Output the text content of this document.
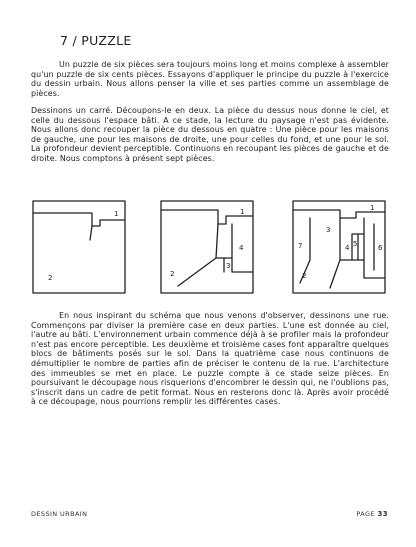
7 / PUZZLE

Un puzzle de six pièces sera toujours moins long et moins complexe à assembler qu'un puzzle de six cents pièces. Essayons d'appliquer le principe du puzzle à l'exercice du dessin urbain. Nous allons penser la ville et ses parties comme un assemblage de pièces.

Dessinons un carré. Découpons-le en deux. La pièce du dessus nous donne le ciel, et celle du dessous l'espace bâti. A ce stade, la lecture du paysage n'est pas évidente. Nous allons donc recouper la pièce du dessous en quatre : Une pièce pour les maisons de gauche, une pour les maisons de droite, une pour celles du fond, et une pour le sol. La profondeur devient perceptible. Continuons en recoupant les pièces de gauche et de droite. Nous comptons à présent sept pièces.

1
2
1
2
3
4
1
2
3
4 5	6
7

En nous inspirant du schéma que nous venons d'observer, dessinons une rue. Commençons par diviser la première case en deux parties. L'une est donnée au ciel, l'autre au bâti. L'environnement urbain commence déjà à se profiler mais la profondeur n'est pas encore perceptible. Les deuxième et troisième cases font apparaître quelques blocs de bâtiments posés sur le sol. Dans la quatrième case nous continuons de démultiplier le nombre de parties afin de préciser le contenu de la rue. L'architecture des immeubles se met en place. Le puzzle compte à ce stade seize pièces. En poursuivant le découpage nous risquerions d'encombrer le dessin qui, ne l'oublions pas, s'inscrit dans un cadre de petit format. Nous en resterons donc là. Après avoir procédé à ce découpage, nous pourrions remplir les différentes cases.

DESSIN URBAIN	PAGE 33
